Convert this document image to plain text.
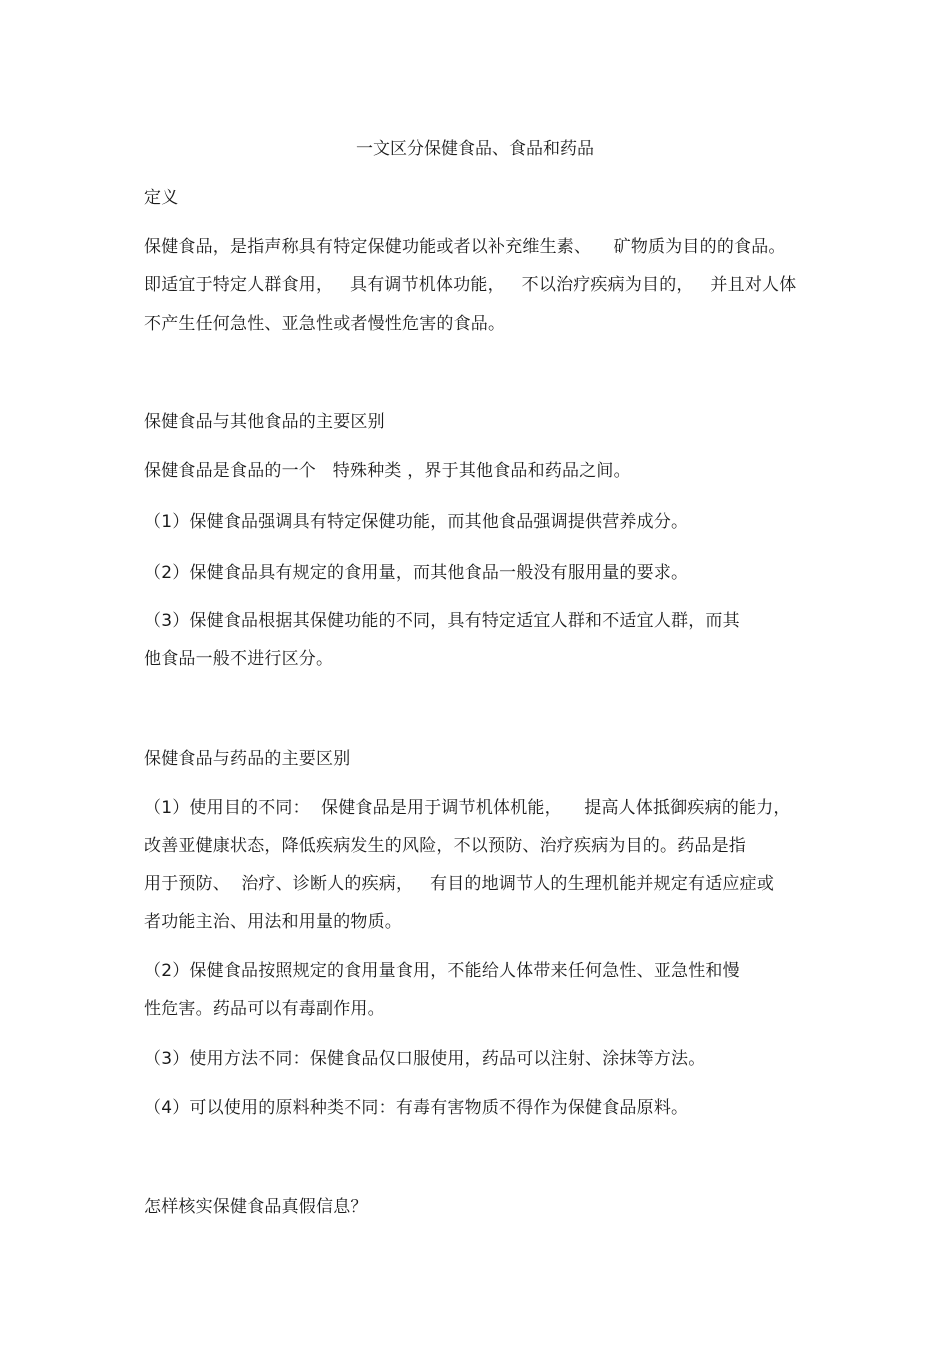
一文区分保健食品、食品和药品
定义
保健食品，是指声称具有特定保健功能或者以补充维生素、    矿物质为目的的食品。
即适宜于特定人群食用，   具有调节机体功能，   不以治疗疾病为目的，   并且对人体
不产生任何急性、亚急性或者慢性危害的食品。
保健食品与其他食品的主要区别
保健食品是食品的一个   特殊种类 ，界于其他食品和药品之间。
（1）保健食品强调具有特定保健功能，而其他食品强调提供营养成分。
（2）保健食品具有规定的食用量，而其他食品一般没有服用量的要求。
（3）保健食品根据其保健功能的不同，具有特定适宜人群和不适宜人群，而其
他食品一般不进行区分。
保健食品与药品的主要区别
（1）使用目的不同：  保健食品是用于调节机体机能，    提高人体抵御疾病的能力，
改善亚健康状态，降低疾病发生的风险，不以预防、治疗疾病为目的。药品是指
用于预防、  治疗、诊断人的疾病，   有目的地调节人的生理机能并规定有适应症或
者功能主治、用法和用量的物质。
（2）保健食品按照规定的食用量食用，不能给人体带来任何急性、亚急性和慢
性危害。药品可以有毒副作用。
（3）使用方法不同：保健食品仅口服使用，药品可以注射、涂抹等方法。
（4）可以使用的原料种类不同：有毒有害物质不得作为保健食品原料。
怎样核实保健食品真假信息？
